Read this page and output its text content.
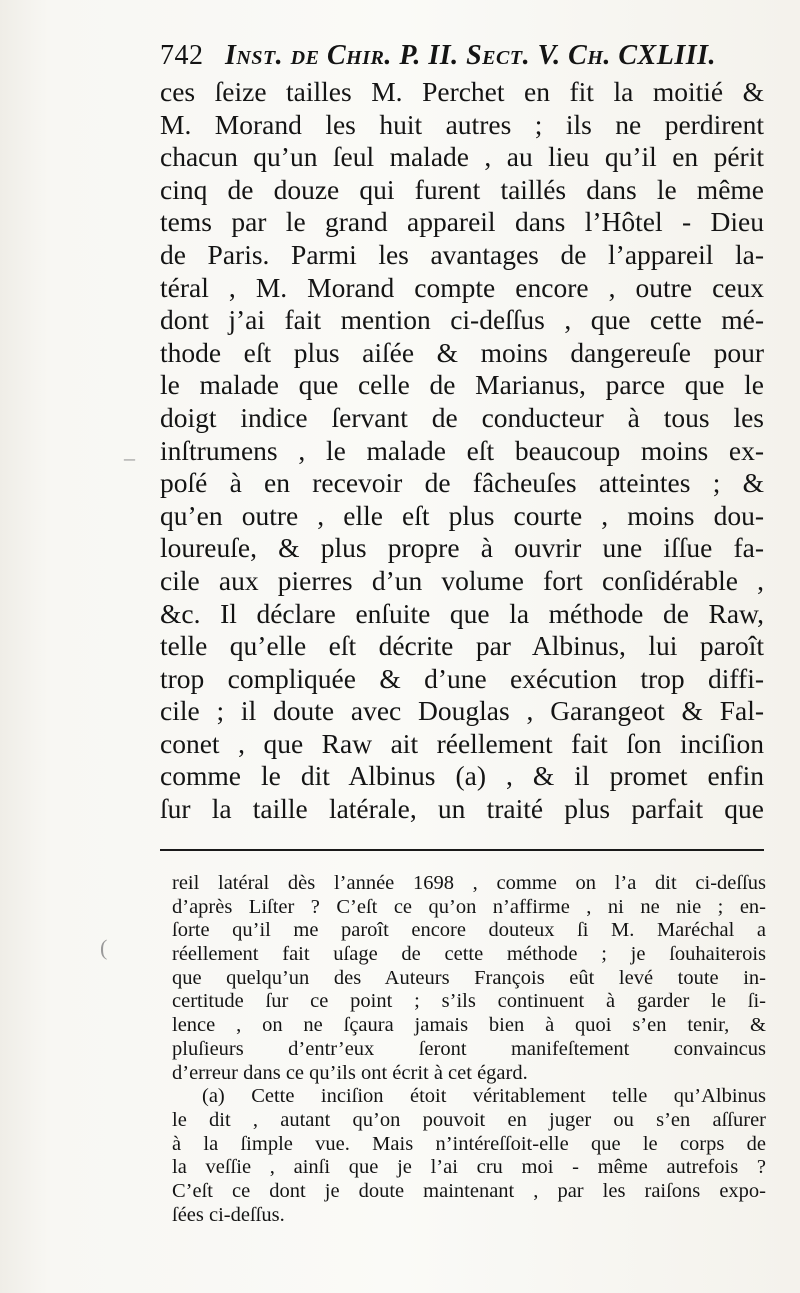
742 Inst. de Chir. P. II. Sect. V. Ch. CXLIII.
ces ſeize tailles M. Perchet en fit la moitié &
M. Morand les huit autres ; ils ne perdirent
chacun qu’un ſeul malade , au lieu qu’il en périt
cinq de douze qui furent taillés dans le même
tems par le grand appareil dans l’Hôtel - Dieu
de Paris. Parmi les avantages de l’appareil la-
téral , M. Morand compte encore , outre ceux
dont j’ai fait mention ci-deſſus , que cette mé-
thode eſt plus aiſée & moins dangereuſe pour
le malade que celle de Marianus, parce que le
doigt indice ſervant de conducteur à tous les
inſtrumens , le malade eſt beaucoup moins ex-
poſé à en recevoir de fâcheuſes atteintes ; &
qu’en outre , elle eſt plus courte , moins dou-
loureuſe, & plus propre à ouvrir une iſſue fa-
cile aux pierres d’un volume fort conſidérable ,
&c. Il déclare enſuite que la méthode de Raw,
telle qu’elle eſt décrite par Albinus, lui paroît
trop compliquée & d’une exécution trop diffi-
cile ; il doute avec Douglas , Garangeot & Fal-
conet , que Raw ait réellement fait ſon inciſion
comme le dit Albinus (a) , & il promet enfin
ſur la taille latérale, un traité plus parfait que
reil latéral dès l’année 1698 , comme on l’a dit ci-deſſus
d’après Liſter ? C’eſt ce qu’on n’affirme , ni ne nie ; en-
ſorte qu’il me paroît encore douteux ſi M. Maréchal a
réellement fait uſage de cette méthode ; je ſouhaiterois
que quelqu’un des Auteurs François eût levé toute in-
certitude ſur ce point ; s’ils continuent à garder le ſi-
lence , on ne ſçaura jamais bien à quoi s’en tenir, &
pluſieurs d’entr’eux ſeront manifeſtement convaincus
d’erreur dans ce qu’ils ont écrit à cet égard.
(a) Cette inciſion étoit véritablement telle qu’Albinus
le dit , autant qu’on pouvoit en juger ou s’en aſſurer
à la ſimple vue. Mais n’intéreſſoit-elle que le corps de
la veſſie , ainſi que je l’ai cru moi - même autrefois ?
C’eſt ce dont je doute maintenant , par les raiſons expo-
ſées ci-deſſus.
–
(
